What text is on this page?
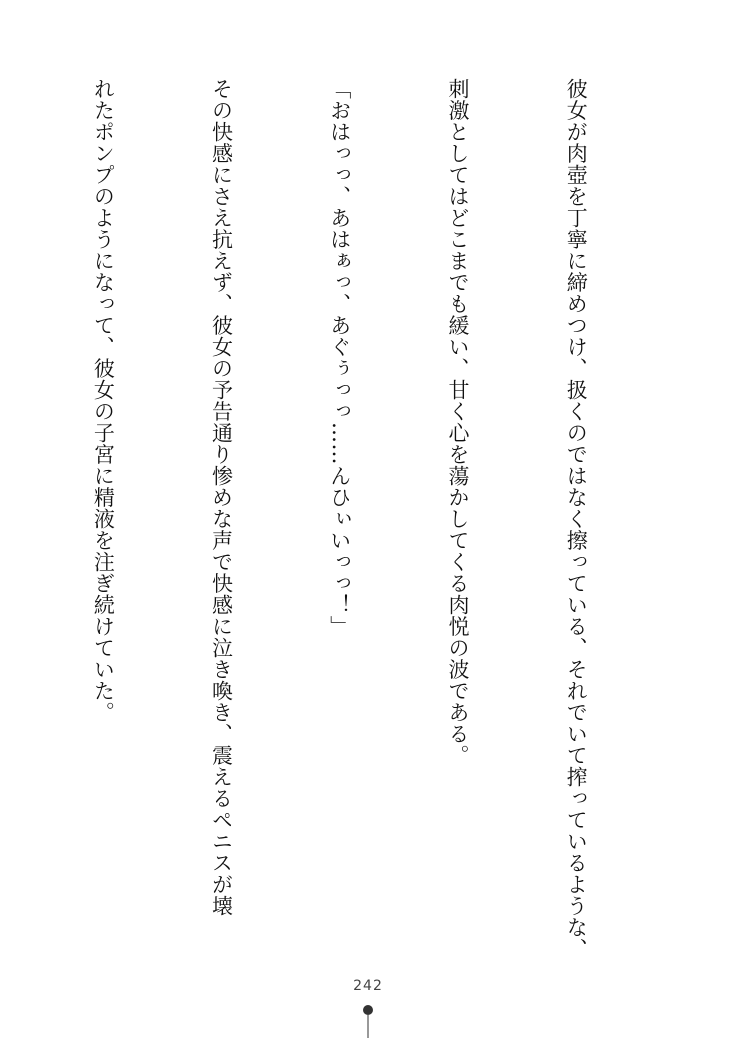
彼女が肉壺を丁寧に締めつけ、扱くのではなく擦っている、それでいて搾っているような、

刺激としてはどこまでも緩い、甘く心を蕩かしてくる肉悦の波である。

「おはっっ、あはぁっ、あぐぅっっ……んひぃいっっ！」

その快感にさえ抗えず、彼女の予告通り惨めな声で快感に泣き喚き、震えるペニスが壊

れたポンプのようになって、彼女の子宮に精液を注ぎ続けていた。

242
